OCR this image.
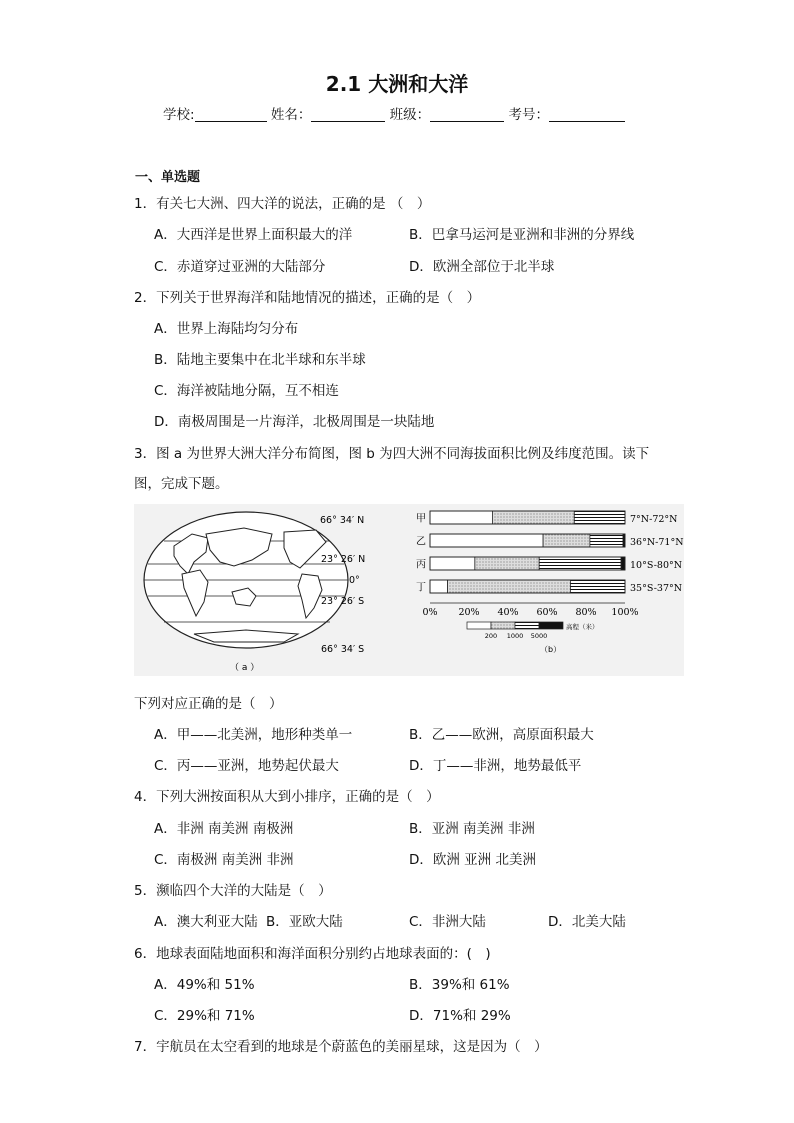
2.1 大洲和大洋
学校:	姓名：	班级：	考号：
一、单选题
1．有关七大洲、四大洋的说法，正确的是 （　）
A．大西洋是世界上面积最大的洋	B．巴拿马运河是亚洲和非洲的分界线
C．赤道穿过亚洲的大陆部分	D．欧洲全部位于北半球
2．下列关于世界海洋和陆地情况的描述，正确的是（　）
A．世界上海陆均匀分布
B．陆地主要集中在北半球和东半球
C．海洋被陆地分隔，互不相连
D．南极周围是一片海洋，北极周围是一块陆地
3．图 a 为世界大洲大洋分布简图，图 b 为四大洲不同海拔面积比例及纬度范围。读下
图，完成下题。
66° 34′ N
23° 26′ N
0°
23° 26′ S
66° 34′ S
（ a ）
甲	7°N-72°N
乙	36°N-71°N
丙	10°S-80°N
丁	35°S-37°N
0% 20% 40% 60% 80% 100%
200 1000 5000
高程（米）
（b）
下列对应正确的是（　）
A．甲——北美洲，地形种类单一	B．乙——欧洲，高原面积最大
C．丙——亚洲，地势起伏最大	D．丁——非洲，地势最低平
4．下列大洲按面积从大到小排序，正确的是（　）
A．非洲 南美洲 南极洲	B．亚洲 南美洲 非洲
C．南极洲 南美洲 非洲	D．欧洲 亚洲 北美洲
5．濒临四个大洋的大陆是（　）
A．澳大利亚大陆 B．亚欧大陆	C．非洲大陆	D．北美大陆
6．地球表面陆地面积和海洋面积分别约占地球表面的：(　)
A．49%和 51%	B．39%和 61%
C．29%和 71%	D．71%和 29%
7．宇航员在太空看到的地球是个蔚蓝色的美丽星球，这是因为（　）
